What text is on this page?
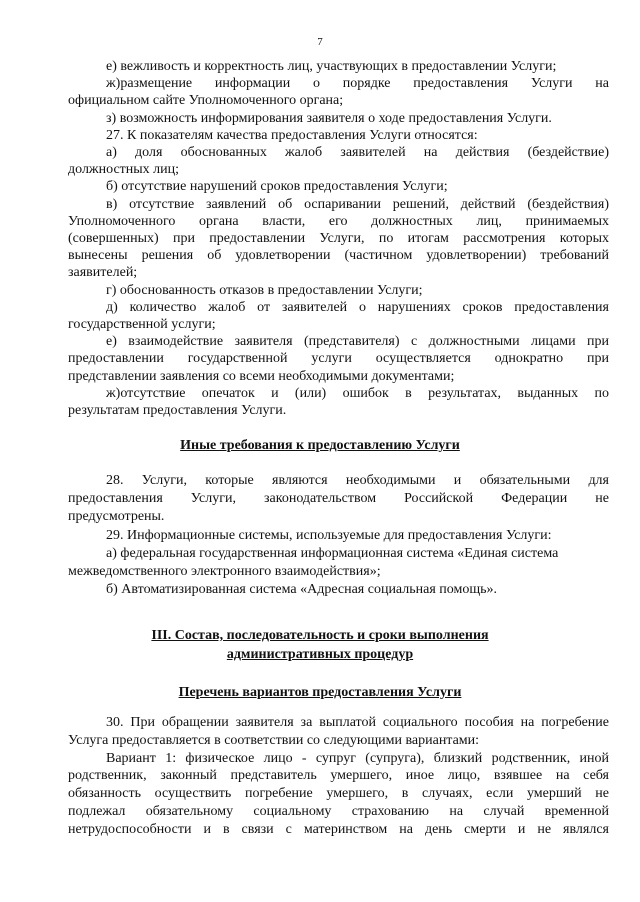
7
е) вежливость и корректность лиц, участвующих в предоставлении Услуги;
ж)размещение информации о порядке предоставления Услуги на
официальном сайте Уполномоченного органа;
з) возможность информирования заявителя о ходе предоставления Услуги.
27. К показателям качества предоставления Услуги относятся:
а) доля обоснованных жалоб заявителей на действия (бездействие)
должностных лиц;
б) отсутствие нарушений сроков предоставления Услуги;
в) отсутствие заявлений об оспаривании решений, действий (бездействия)
Уполномоченного органа власти, его должностных лиц, принимаемых
(совершенных) при предоставлении Услуги, по итогам рассмотрения которых
вынесены решения об удовлетворении (частичном удовлетворении) требований
заявителей;
г) обоснованность отказов в предоставлении Услуги;
д) количество жалоб от заявителей о нарушениях сроков предоставления
государственной услуги;
е) взаимодействие заявителя (представителя) с должностными лицами при
предоставлении государственной услуги осуществляется однократно при
представлении заявления со всеми необходимыми документами;
ж)отсутствие опечаток и (или) ошибок в результатах, выданных по
результатам предоставления Услуги.
Иные требования к предоставлению Услуги
28. Услуги, которые являются необходимыми и обязательными для
предоставления Услуги, законодательством Российской Федерации не
предусмотрены.
29. Информационные системы, используемые для предоставления Услуги:
а) федеральная государственная информационная система «Единая система
межведомственного электронного взаимодействия»;
б) Автоматизированная система «Адресная социальная помощь».
III. Состав, последовательность и сроки выполнения
административных процедур
Перечень вариантов предоставления Услуги
30. При обращении заявителя за выплатой социального пособия на погребение
Услуга предоставляется в соответствии со следующими вариантами:
Вариант 1: физическое лицо - супруг (супруга), близкий родственник, иной
родственник, законный представитель умершего, иное лицо, взявшее на себя
обязанность осуществить погребение умершего, в случаях, если умерший не
подлежал обязательному социальному страхованию на случай временной
нетрудоспособности и в связи с материнством на день смерти и не являлся
